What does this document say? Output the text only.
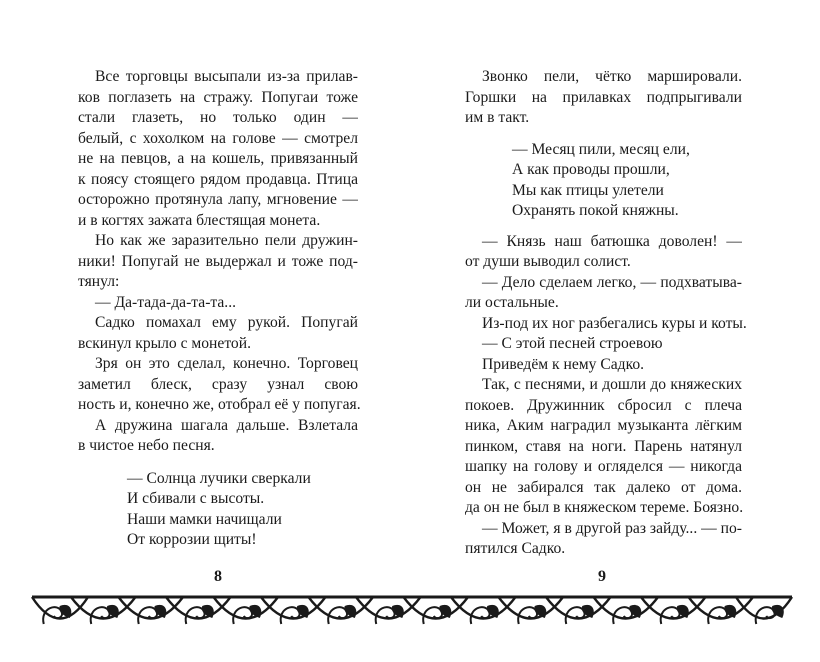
Все торговцы высыпали из-за прилав-
ков поглазеть на стражу. Попугаи тоже
стали глазеть, но только один —
белый, с хохолком на голове — смотрел
не на певцов, а на кошель, привязанный
к поясу стоящего рядом продавца. Птица
осторожно протянула лапу, мгновение —
и в когтях зажата блестящая монета.
Но как же заразительно пели дружин-
ники! Попугай не выдержал и тоже под-
тянул:
— Да-тада-да-та-та...
Садко помахал ему рукой. Попугай
вскинул крыло с монетой.
Зря он это сделал, конечно. Торговец
заметил блеск, сразу узнал свою
ность и, конечно же, отобрал её у попугая.
А дружина шагала дальше. Взлетала
в чистое небо песня.
— Солнца лучики сверкали
И сбивали с высоты.
Наши мамки начищали
От коррозии щиты!
Звонко пели, чётко маршировали.
Горшки на прилавках подпрыгивали
им в такт.
— Месяц пили, месяц ели,
А как проводы прошли,
Мы как птицы улетели
Охранять покой княжны.
— Князь наш батюшка доволен! —
от души выводил солист.
— Дело сделаем легко, — подхватыва-
ли остальные.
Из-под их ног разбегались куры и коты.
— С этой песней строевою
Приведём к нему Садко.
Так, с песнями, и дошли до княжеских
покоев. Дружинник сбросил с плеча
ника, Аким наградил музыканта лёгким
пинком, ставя на ноги. Парень натянул
шапку на голову и огляделся — никогда
он не забирался так далеко от дома.
да он не был в княжеском тереме. Боязно.
— Может, я в другой раз зайду... — по-
пятился Садко.
8	9
